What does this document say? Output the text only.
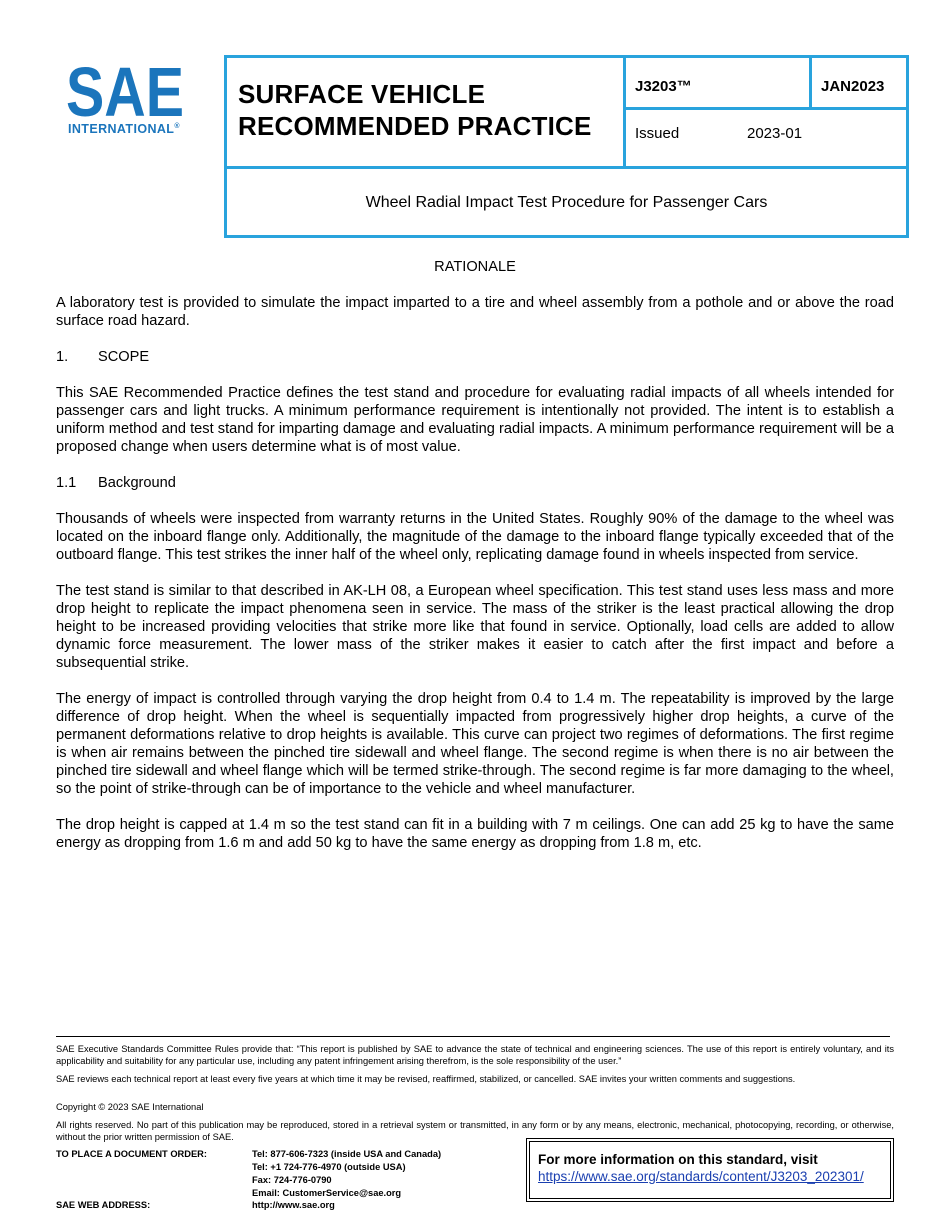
SAE
INTERNATIONAL®
SURFACE VEHICLE
RECOMMENDED PRACTICE
J3203™	JAN2023
Issued	2023-01
Wheel Radial Impact Test Procedure for Passenger Cars
RATIONALE
A laboratory test is provided to simulate the impact imparted to a tire and wheel assembly from a pothole and or above the road surface road hazard.
1. SCOPE
This SAE Recommended Practice defines the test stand and procedure for evaluating radial impacts of all wheels intended for passenger cars and light trucks. A minimum performance requirement is intentionally not provided. The intent is to establish a uniform method and test stand for imparting damage and evaluating radial impacts. A minimum performance requirement will be a proposed change when users determine what is of most value.
1.1 Background
Thousands of wheels were inspected from warranty returns in the United States. Roughly 90% of the damage to the wheel was located on the inboard flange only. Additionally, the magnitude of the damage to the inboard flange typically exceeded that of the outboard flange. This test strikes the inner half of the wheel only, replicating damage found in wheels inspected from service.
The test stand is similar to that described in AK-LH 08, a European wheel specification. This test stand uses less mass and more drop height to replicate the impact phenomena seen in service. The mass of the striker is the least practical allowing the drop height to be increased providing velocities that strike more like that found in service. Optionally, load cells are added to allow dynamic force measurement. The lower mass of the striker makes it easier to catch after the first impact and before a subsequential strike.
The energy of impact is controlled through varying the drop height from 0.4 to 1.4 m. The repeatability is improved by the large difference of drop height. When the wheel is sequentially impacted from progressively higher drop heights, a curve of the permanent deformations relative to drop heights is available. This curve can project two regimes of deformations. The first regime is when air remains between the pinched tire sidewall and wheel flange. The second regime is when there is no air between the pinched tire sidewall and wheel flange which will be termed strike-through. The second regime is far more damaging to the wheel, so the point of strike-through can be of importance to the vehicle and wheel manufacturer.
The drop height is capped at 1.4 m so the test stand can fit in a building with 7 m ceilings. One can add 25 kg to have the same energy as dropping from 1.6 m and add 50 kg to have the same energy as dropping from 1.8 m, etc.
SAE Executive Standards Committee Rules provide that: “This report is published by SAE to advance the state of technical and engineering sciences. The use of this report is entirely voluntary, and its applicability and suitability for any particular use, including any patent infringement arising therefrom, is the sole responsibility of the user.”
SAE reviews each technical report at least every five years at which time it may be revised, reaffirmed, stabilized, or cancelled. SAE invites your written comments and suggestions.
Copyright © 2023 SAE International
All rights reserved. No part of this publication may be reproduced, stored in a retrieval system or transmitted, in any form or by any means, electronic, mechanical, photocopying, recording, or otherwise, without the prior written permission of SAE.
TO PLACE A DOCUMENT ORDER:	Tel: 877-606-7323 (inside USA and Canada)
Tel: +1 724-776-4970 (outside USA)
Fax: 724-776-0790
Email: CustomerService@sae.org
SAE WEB ADDRESS:	http://www.sae.org
For more information on this standard, visit
https://www.sae.org/standards/content/J3203_202301/
